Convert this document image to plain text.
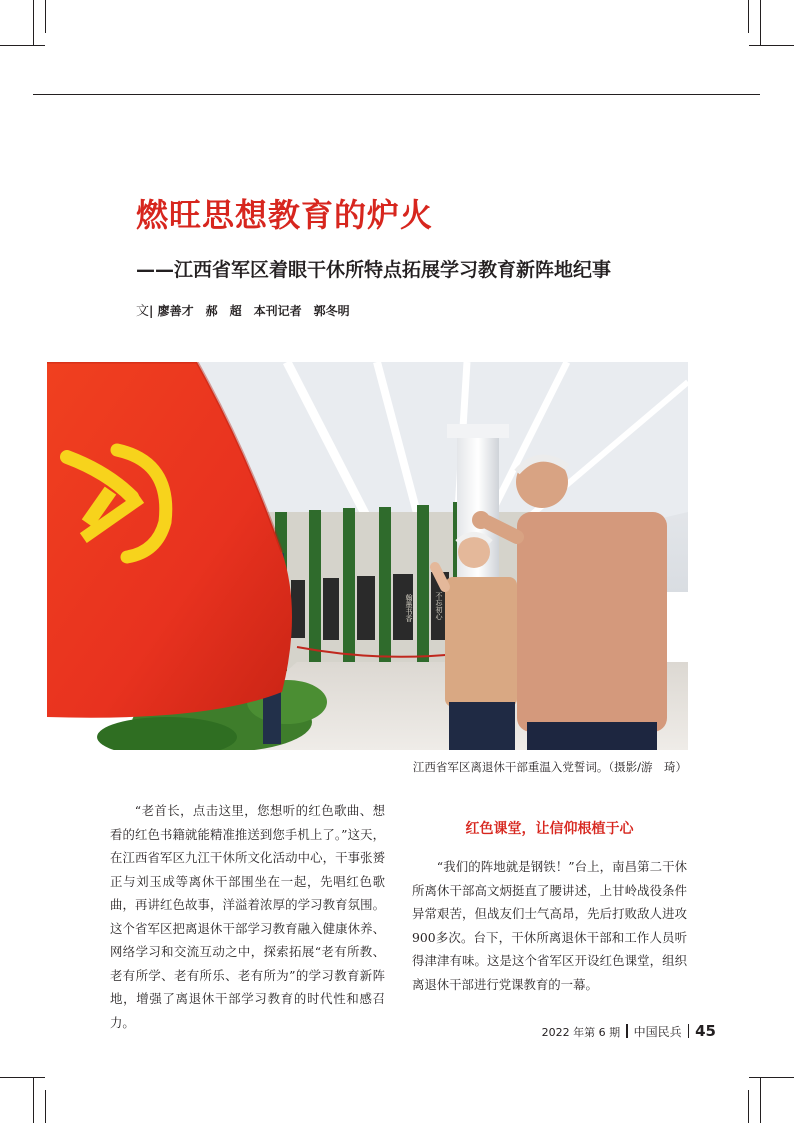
燃旺思想教育的炉火
——江西省军区着眼干休所特点拓展学习教育新阵地纪事
文| 廖善才 郝　超 本刊记者 郭冬明
翰墨书香	不忘初心
江西省军区离退休干部重温入党誓词。（摄影/游　琦）

“老首长，点击这里，您想听的红色歌曲、想看的红色书籍就能精准推送到您手机上了。”这天，在江西省军区九江干休所文化活动中心，干事张赟正与刘玉成等离休干部围坐在一起，先唱红色歌曲，再讲红色故事，洋溢着浓厚的学习教育氛围。这个省军区把离退休干部学习教育融入健康休养、网络学习和交流互动之中，探索拓展“老有所教、老有所学、老有所乐、老有所为”的学习教育新阵地，增强了离退休干部学习教育的时代性和感召力。

红色课堂，让信仰根植于心

“我们的阵地就是钢铁！”台上，南昌第二干休所离休干部高文炳挺直了腰讲述，上甘岭战役条件异常艰苦，但战友们士气高昂，先后打败敌人进攻900多次。台下，干休所离退休干部和工作人员听得津津有味。这是这个省军区开设红色课堂，组织离退休干部进行党课教育的一幕。

2022 年第 6 期 中国民兵 45
